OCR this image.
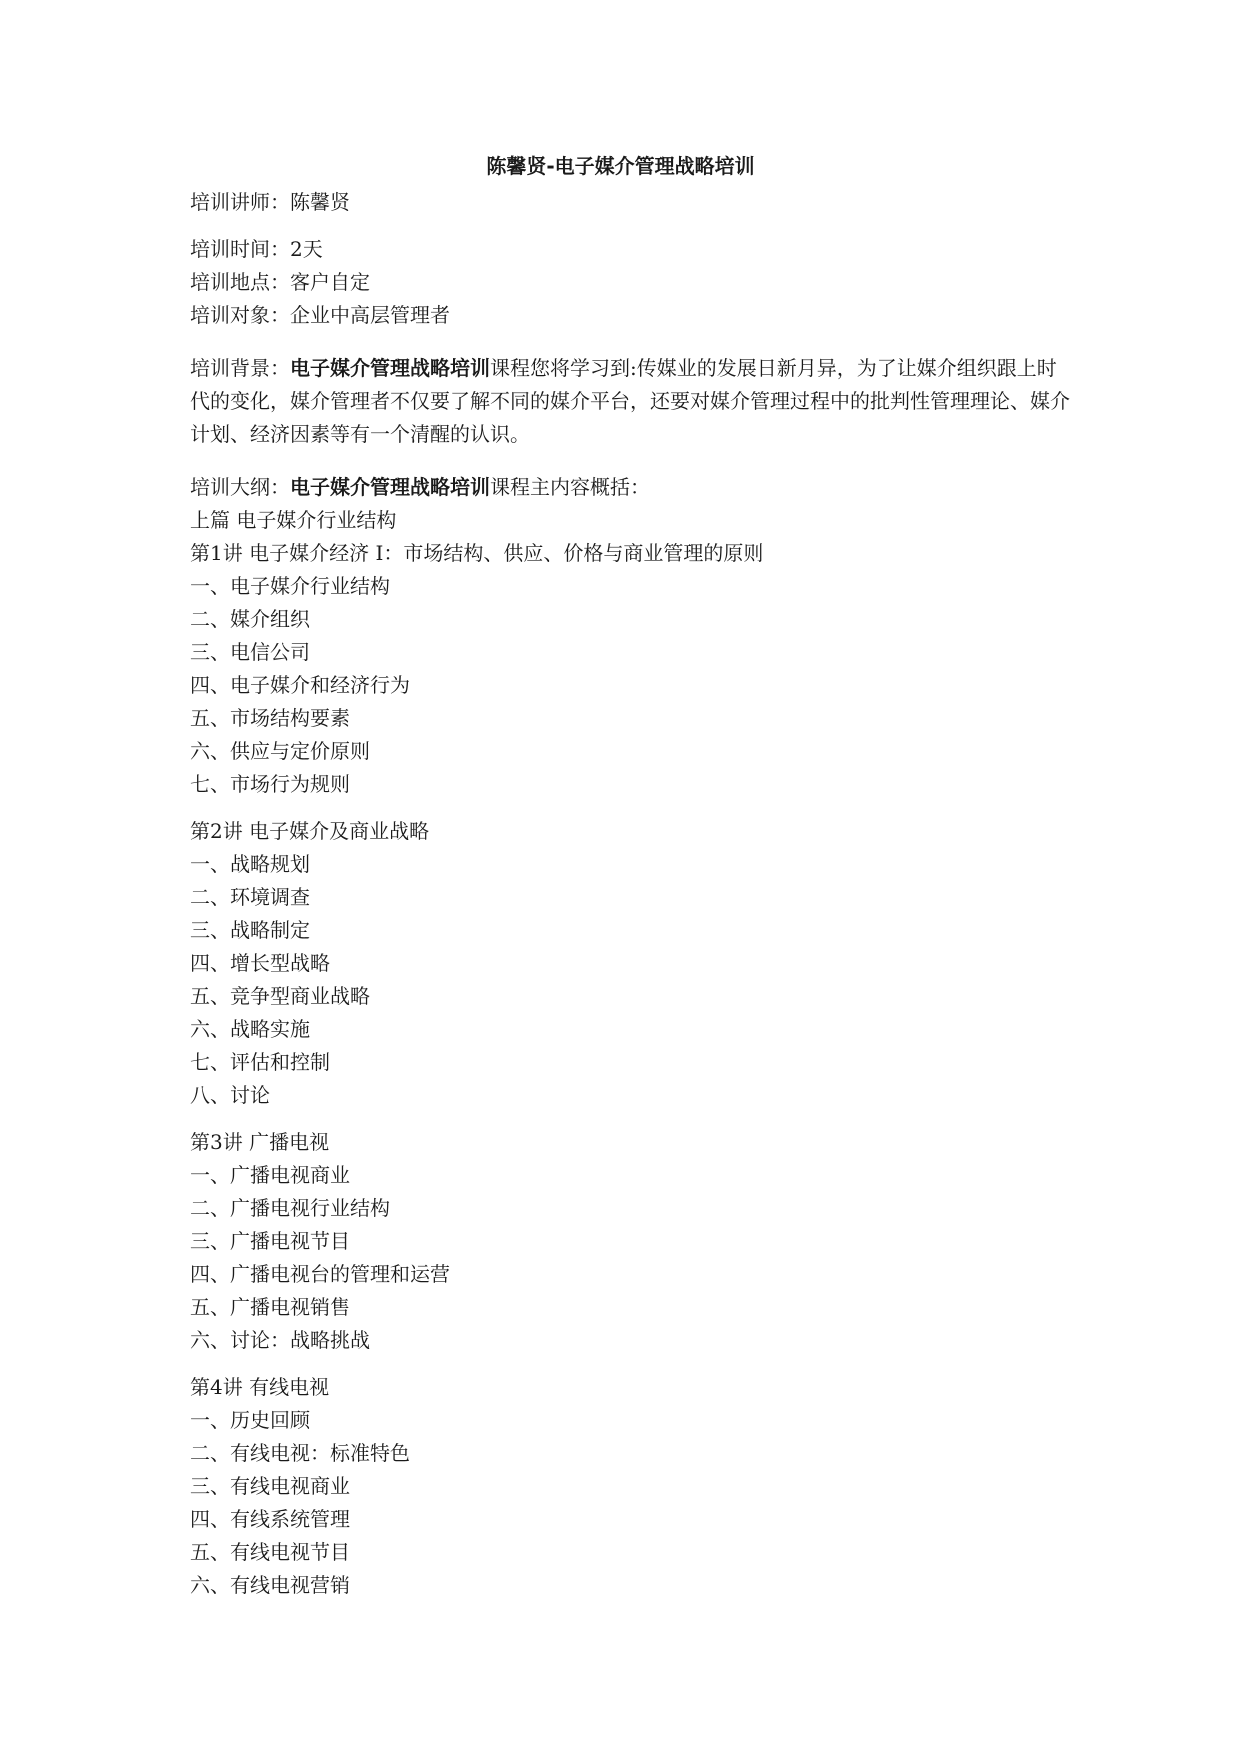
陈馨贤-电子媒介管理战略培训

培训讲师：陈馨贤

培训时间：2天

培训地点：客户自定

培训对象：企业中高层管理者

培训背景：电子媒介管理战略培训课程您将学习到:传媒业的发展日新月异，为了让媒介组织跟上时代的变化，媒介管理者不仅要了解不同的媒介平台，还要对媒介管理过程中的批判性管理理论、媒介计划、经济因素等有一个清醒的认识。

培训大纲：电子媒介管理战略培训课程主内容概括：

上篇 电子媒介行业结构

第1讲 电子媒介经济 I：市场结构、供应、价格与商业管理的原则

一、电子媒介行业结构

二、媒介组织

三、电信公司

四、电子媒介和经济行为

五、市场结构要素

六、供应与定价原则

七、市场行为规则

第2讲 电子媒介及商业战略

一、战略规划

二、环境调查

三、战略制定

四、增长型战略

五、竞争型商业战略

六、战略实施

七、评估和控制

八、讨论

第3讲 广播电视

一、广播电视商业

二、广播电视行业结构

三、广播电视节目

四、广播电视台的管理和运营

五、广播电视销售

六、讨论：战略挑战

第4讲 有线电视

一、历史回顾

二、有线电视：标准特色

三、有线电视商业

四、有线系统管理

五、有线电视节目

六、有线电视营销
